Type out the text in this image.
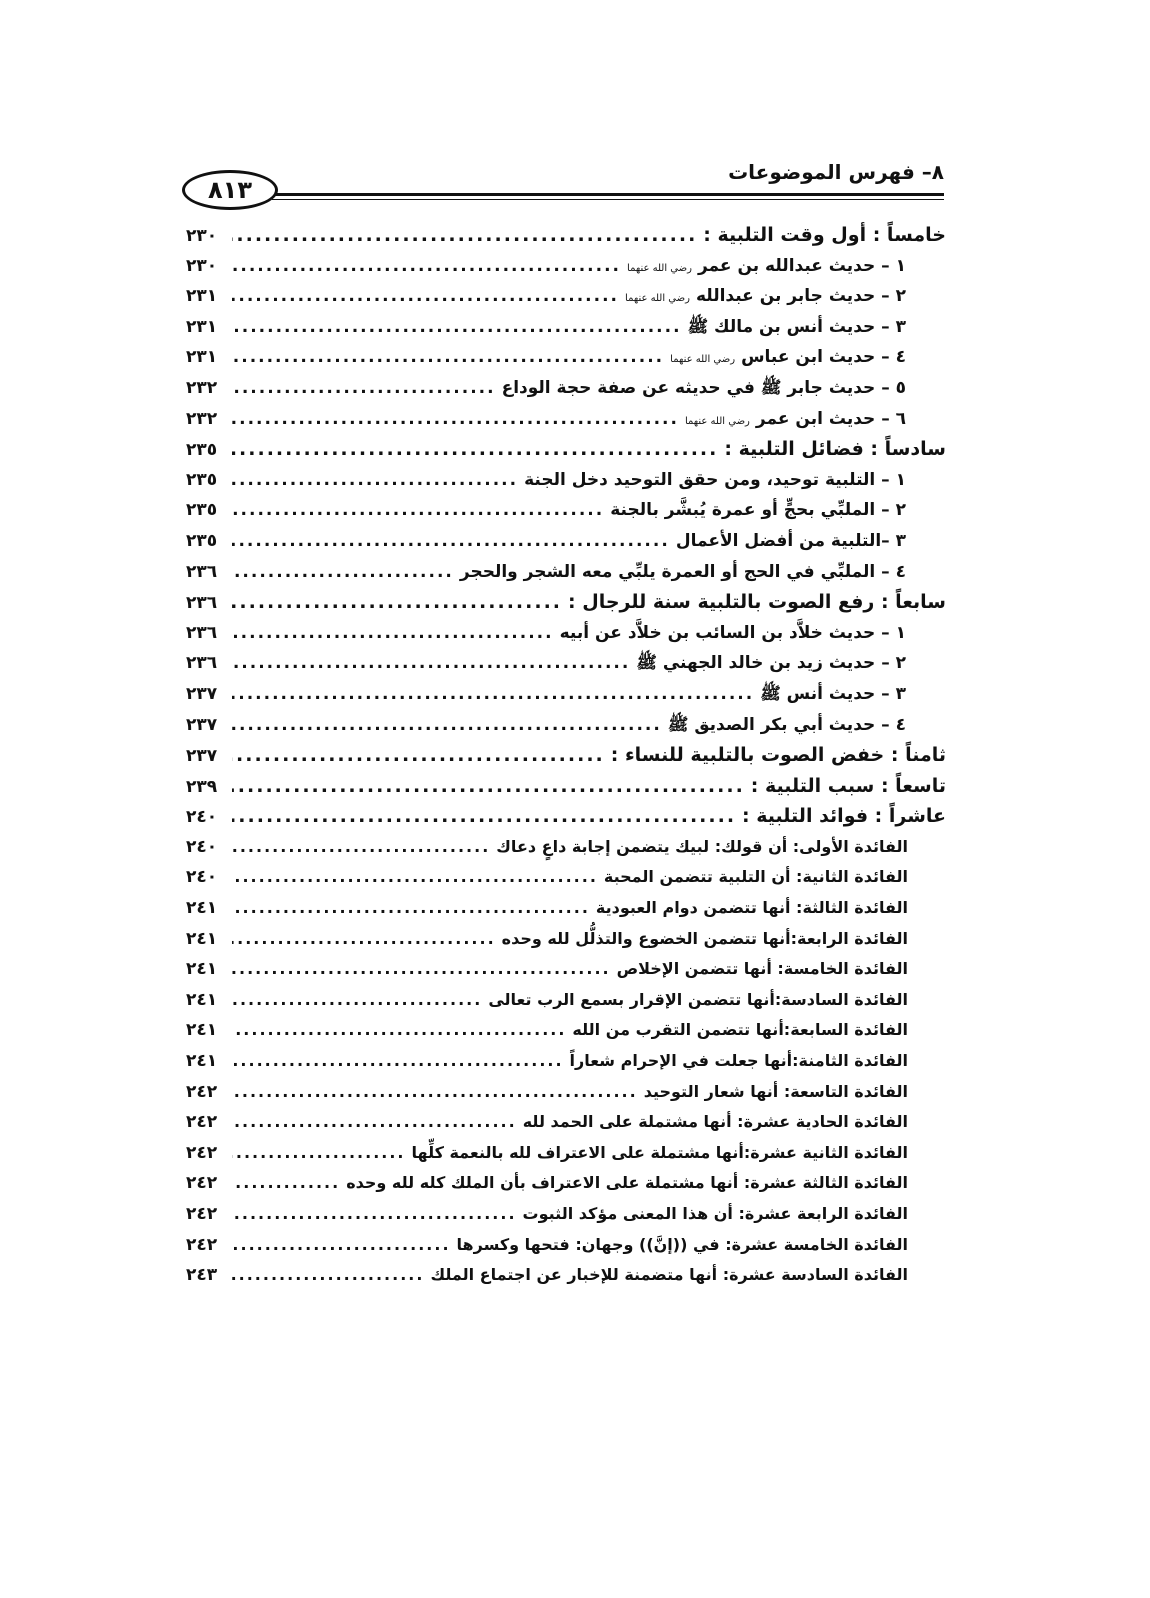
٨١٣
٨– فهرس الموضوعات
خامساً : أول وقت التلبية :
.....
٢٣٠
١ – حديث عبدالله بن عمر
رضي الله عنهما
.....
٢٣٠
٢ – حديث جابر بن عبدالله
رضي الله عنهما
.....
٢٣١
٣ – حديث أنس بن مالك ﷺ
.....
٢٣١
٤ – حديث ابن عباس
رضي الله عنهما
.....
٢٣١
٥ – حديث جابر ﷺ في حديثه عن صفة حجة الوداع
.....
٢٣٢
٦ – حديث ابن عمر
رضي الله عنهما
.....
٢٣٢
سادساً : فضائل التلبية :
.....
٢٣٥
١ – التلبية توحيد، ومن حقق التوحيد دخل الجنة
.....
٢٣٥
٢ – الملبِّي بحجٍّ أو عمرة يُبشَّر بالجنة
.....
٢٣٥
٣ –التلبية من أفضل الأعمال
.....
٢٣٥
٤ – الملبِّي في الحج أو العمرة يلبِّي معه الشجر والحجر
.....
٢٣٦
سابعاً : رفع الصوت بالتلبية سنة للرجال :
.....
٢٣٦
١ – حديث خلاَّد بن السائب بن خلاَّد عن أبيه
.....
٢٣٦
٢ – حديث زيد بن خالد الجهني ﷺ
.....
٢٣٦
٣ – حديث أنس ﷺ
.....
٢٣٧
٤ – حديث أبي بكر الصديق ﷺ
.....
٢٣٧
ثامناً : خفض الصوت بالتلبية للنساء :
.....
٢٣٧
تاسعاً : سبب التلبية :
.....
٢٣٩
عاشراً : فوائد التلبية :
.....
٢٤٠
الفائدة الأولى: أن قولك: لبيك يتضمن إجابة داعٍ دعاك
.....
٢٤٠
الفائدة الثانية: أن التلبية تتضمن المحبة
.....
٢٤٠
الفائدة الثالثة: أنها تتضمن دوام العبودية
.....
٢٤١
الفائدة الرابعة:أنها تتضمن الخضوع والتذلُّل لله وحده
.....
٢٤١
الفائدة الخامسة: أنها تتضمن الإخلاص
.....
٢٤١
الفائدة السادسة:أنها تتضمن الإقرار بسمع الرب تعالى
.....
٢٤١
الفائدة السابعة:أنها تتضمن التقرب من الله
.....
٢٤١
الفائدة الثامنة:أنها جعلت في الإحرام شعاراً
.....
٢٤١
الفائدة التاسعة: أنها شعار التوحيد
.....
٢٤٢
الفائدة الحادية عشرة: أنها مشتملة على الحمد لله
.....
٢٤٢
الفائدة الثانية عشرة:أنها مشتملة على الاعتراف لله بالنعمة كلِّها
.....
٢٤٢
الفائدة الثالثة عشرة: أنها مشتملة على الاعتراف بأن الملك كله لله وحده
.....
٢٤٢
الفائدة الرابعة عشرة: أن هذا المعنى مؤكد الثبوت
.....
٢٤٢
الفائدة الخامسة عشرة: في ((إنَّ)) وجهان: فتحها وكسرها
.....
٢٤٢
الفائدة السادسة عشرة: أنها متضمنة للإخبار عن اجتماع الملك
.....
٢٤٣
